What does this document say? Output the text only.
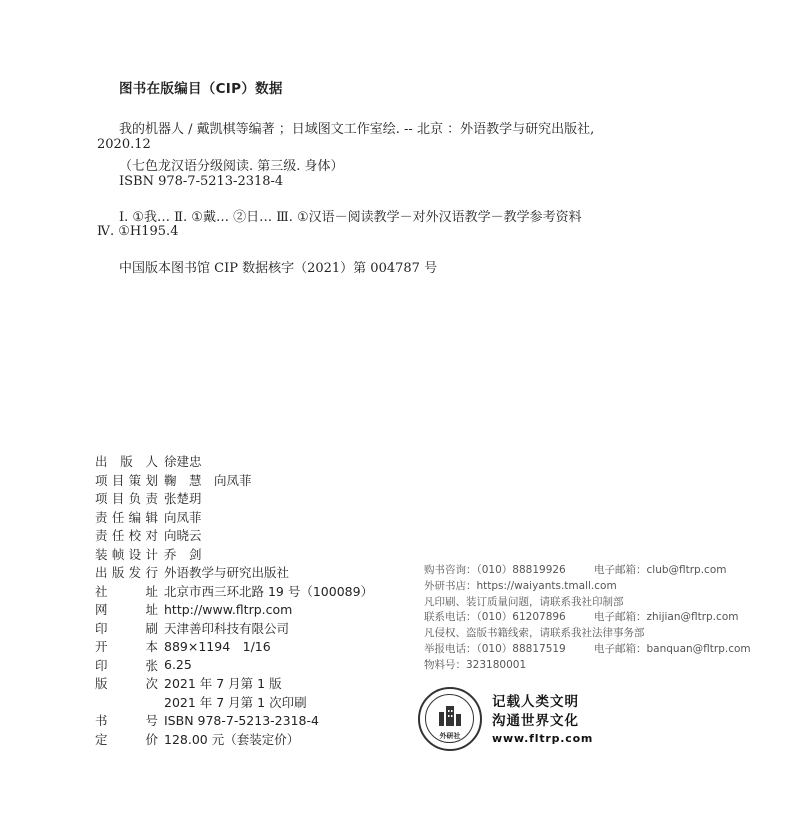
图书在版编目（CIP）数据
我的机器人 / 戴凯棋等编著 ；日域图文工作室绘. -- 北京 ：外语教学与研究出版社,
2020.12
（七色龙汉语分级阅读. 第三级. 身体）
ISBN 978-7-5213-2318-4
Ⅰ. ①我… Ⅱ. ①戴… ②日… Ⅲ. ①汉语－阅读教学－对外汉语教学－教学参考资料
Ⅳ. ①H195.4
中国版本图书馆 CIP 数据核字（2021）第 004787 号
出 版 人 徐建忠
项目策划 鞠　慧　向凤菲
项目负责 张楚玥
责任编辑 向凤菲
责任校对 向晓云
装帧设计 乔　剑
出版发行 外语教学与研究出版社
社　址 北京市西三环北路 19 号（100089）
网　址 http://www.fltrp.com
印　刷 天津善印科技有限公司
开　本 889×1194　1/16
印　张 6.25
版　次 2021 年 7 月第 1 版
2021 年 7 月第 1 次印刷
书　号 ISBN 978-7-5213-2318-4
定　价 128.00 元（套装定价）
购书咨询：（010）88819926	电子邮箱：club@fltrp.com
外研书店：https://waiyants.tmall.com
凡印刷、装订质量问题，请联系我社印制部
联系电话：（010）61207896	电子邮箱：zhijian@fltrp.com
凡侵权、盗版书籍线索，请联系我社法律事务部
举报电话：（010）88817519	电子邮箱：banquan@fltrp.com
物料号：323180001
外研社
记载人类文明
沟通世界文化
www.fltrp.com
